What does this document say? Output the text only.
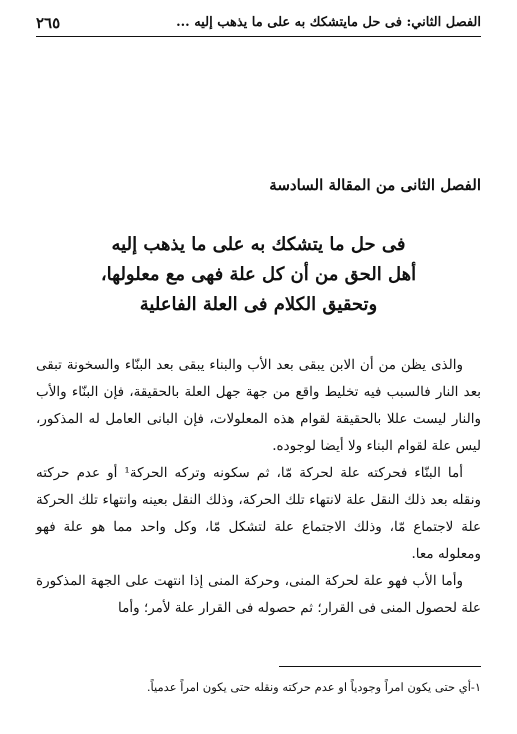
الفصل الثاني: فى حل مايتشكك به على ما يذهب إليه ...
٢٦٥
الفصل الثانى من المقالة السادسة
فى حل ما يتشكك به على ما يذهب إليه
أهل الحق من أن كل علة فهى مع معلولها،
وتحقيق الكلام فى العلة الفاعلية

والذى يظن من أن الابن يبقى بعد الأب والبناء يبقى بعد البنّاء والسخونة تبقى بعد النار فالسبب فيه تخليط واقع من جهة جهل العلة بالحقيقة، فإن البنّاء والأب والنار ليست عللا بالحقيقة لقوام هذه المعلولات، فإن البانى العامل له المذكور، ليس علة لقوام البناء ولا أيضا لوجوده.

أما البنّاء فحركته علة لحركة مّا، ثم سكونه وتركه الحركة¹ أو عدم حركته ونقله بعد ذلك النقل علة لانتهاء تلك الحركة، وذلك النقل بعينه وانتهاء تلك الحركة علة لاجتماع مّا، وذلك الاجتماع علة لتشكل مّا، وكل واحد مما هو علة فهو ومعلوله معا.

وأما الأب فهو علة لحركة المنى، وحركة المنى إذا انتهت على الجهة المذكورة علة لحصول المنى فى القرار؛ ثم حصوله فى القرار علة لأمر؛ وأما

١-أي حتى يكون امراً وجودياً او عدم حركته ونقله حتى يكون امراً عدمياً.
